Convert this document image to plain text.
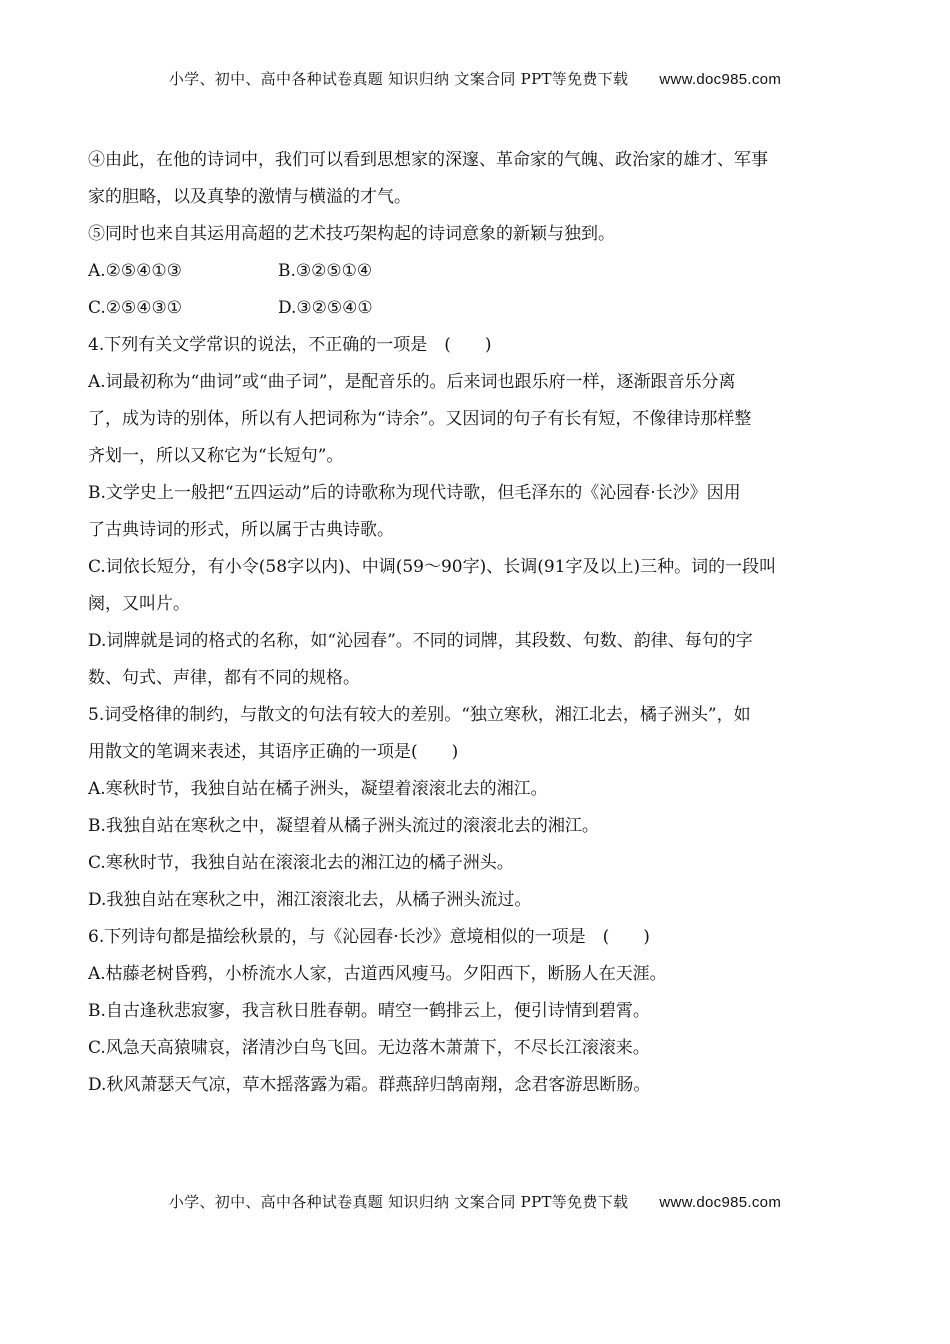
小学、初中、高中各种试卷真题 知识归纳 文案合同 PPT等免费下载 www.doc985.com
④由此，在他的诗词中，我们可以看到思想家的深邃、革命家的气魄、政治家的雄才、军事
家的胆略，以及真挚的激情与横溢的才气。
⑤同时也来自其运用高超的艺术技巧架构起的诗词意象的新颖与独到。
A.②⑤④①③	B.③②⑤①④
C.②⑤④③①	D.③②⑤④①
4.下列有关文学常识的说法，不正确的一项是　(　　)
A.词最初称为“曲词”或“曲子词”，是配音乐的。后来词也跟乐府一样，逐渐跟音乐分离
了，成为诗的别体，所以有人把词称为“诗余”。又因词的句子有长有短，不像律诗那样整
齐划一，所以又称它为“长短句”。
B.文学史上一般把“五四运动”后的诗歌称为现代诗歌，但毛泽东的《沁园春·长沙》因用
了古典诗词的形式，所以属于古典诗歌。
C.词依长短分，有小令(58字以内)、中调(59～90字)、长调(91字及以上)三种。词的一段叫
阕，又叫片。
D.词牌就是词的格式的名称，如“沁园春”。不同的词牌，其段数、句数、韵律、每句的字
数、句式、声律，都有不同的规格。
5.词受格律的制约，与散文的句法有较大的差别。“独立寒秋，湘江北去，橘子洲头”，如
用散文的笔调来表述，其语序正确的一项是(　　)
A.寒秋时节，我独自站在橘子洲头，凝望着滚滚北去的湘江。
B.我独自站在寒秋之中，凝望着从橘子洲头流过的滚滚北去的湘江。
C.寒秋时节，我独自站在滚滚北去的湘江边的橘子洲头。
D.我独自站在寒秋之中，湘江滚滚北去，从橘子洲头流过。
6.下列诗句都是描绘秋景的，与《沁园春·长沙》意境相似的一项是　(　　)
A.枯藤老树昏鸦，小桥流水人家，古道西风瘦马。夕阳西下，断肠人在天涯。
B.自古逢秋悲寂寥，我言秋日胜春朝。晴空一鹤排云上，便引诗情到碧霄。
C.风急天高猿啸哀，渚清沙白鸟飞回。无边落木萧萧下，不尽长江滚滚来。
D.秋风萧瑟天气凉，草木摇落露为霜。群燕辞归鹄南翔，念君客游思断肠。
小学、初中、高中各种试卷真题 知识归纳 文案合同 PPT等免费下载 www.doc985.com
